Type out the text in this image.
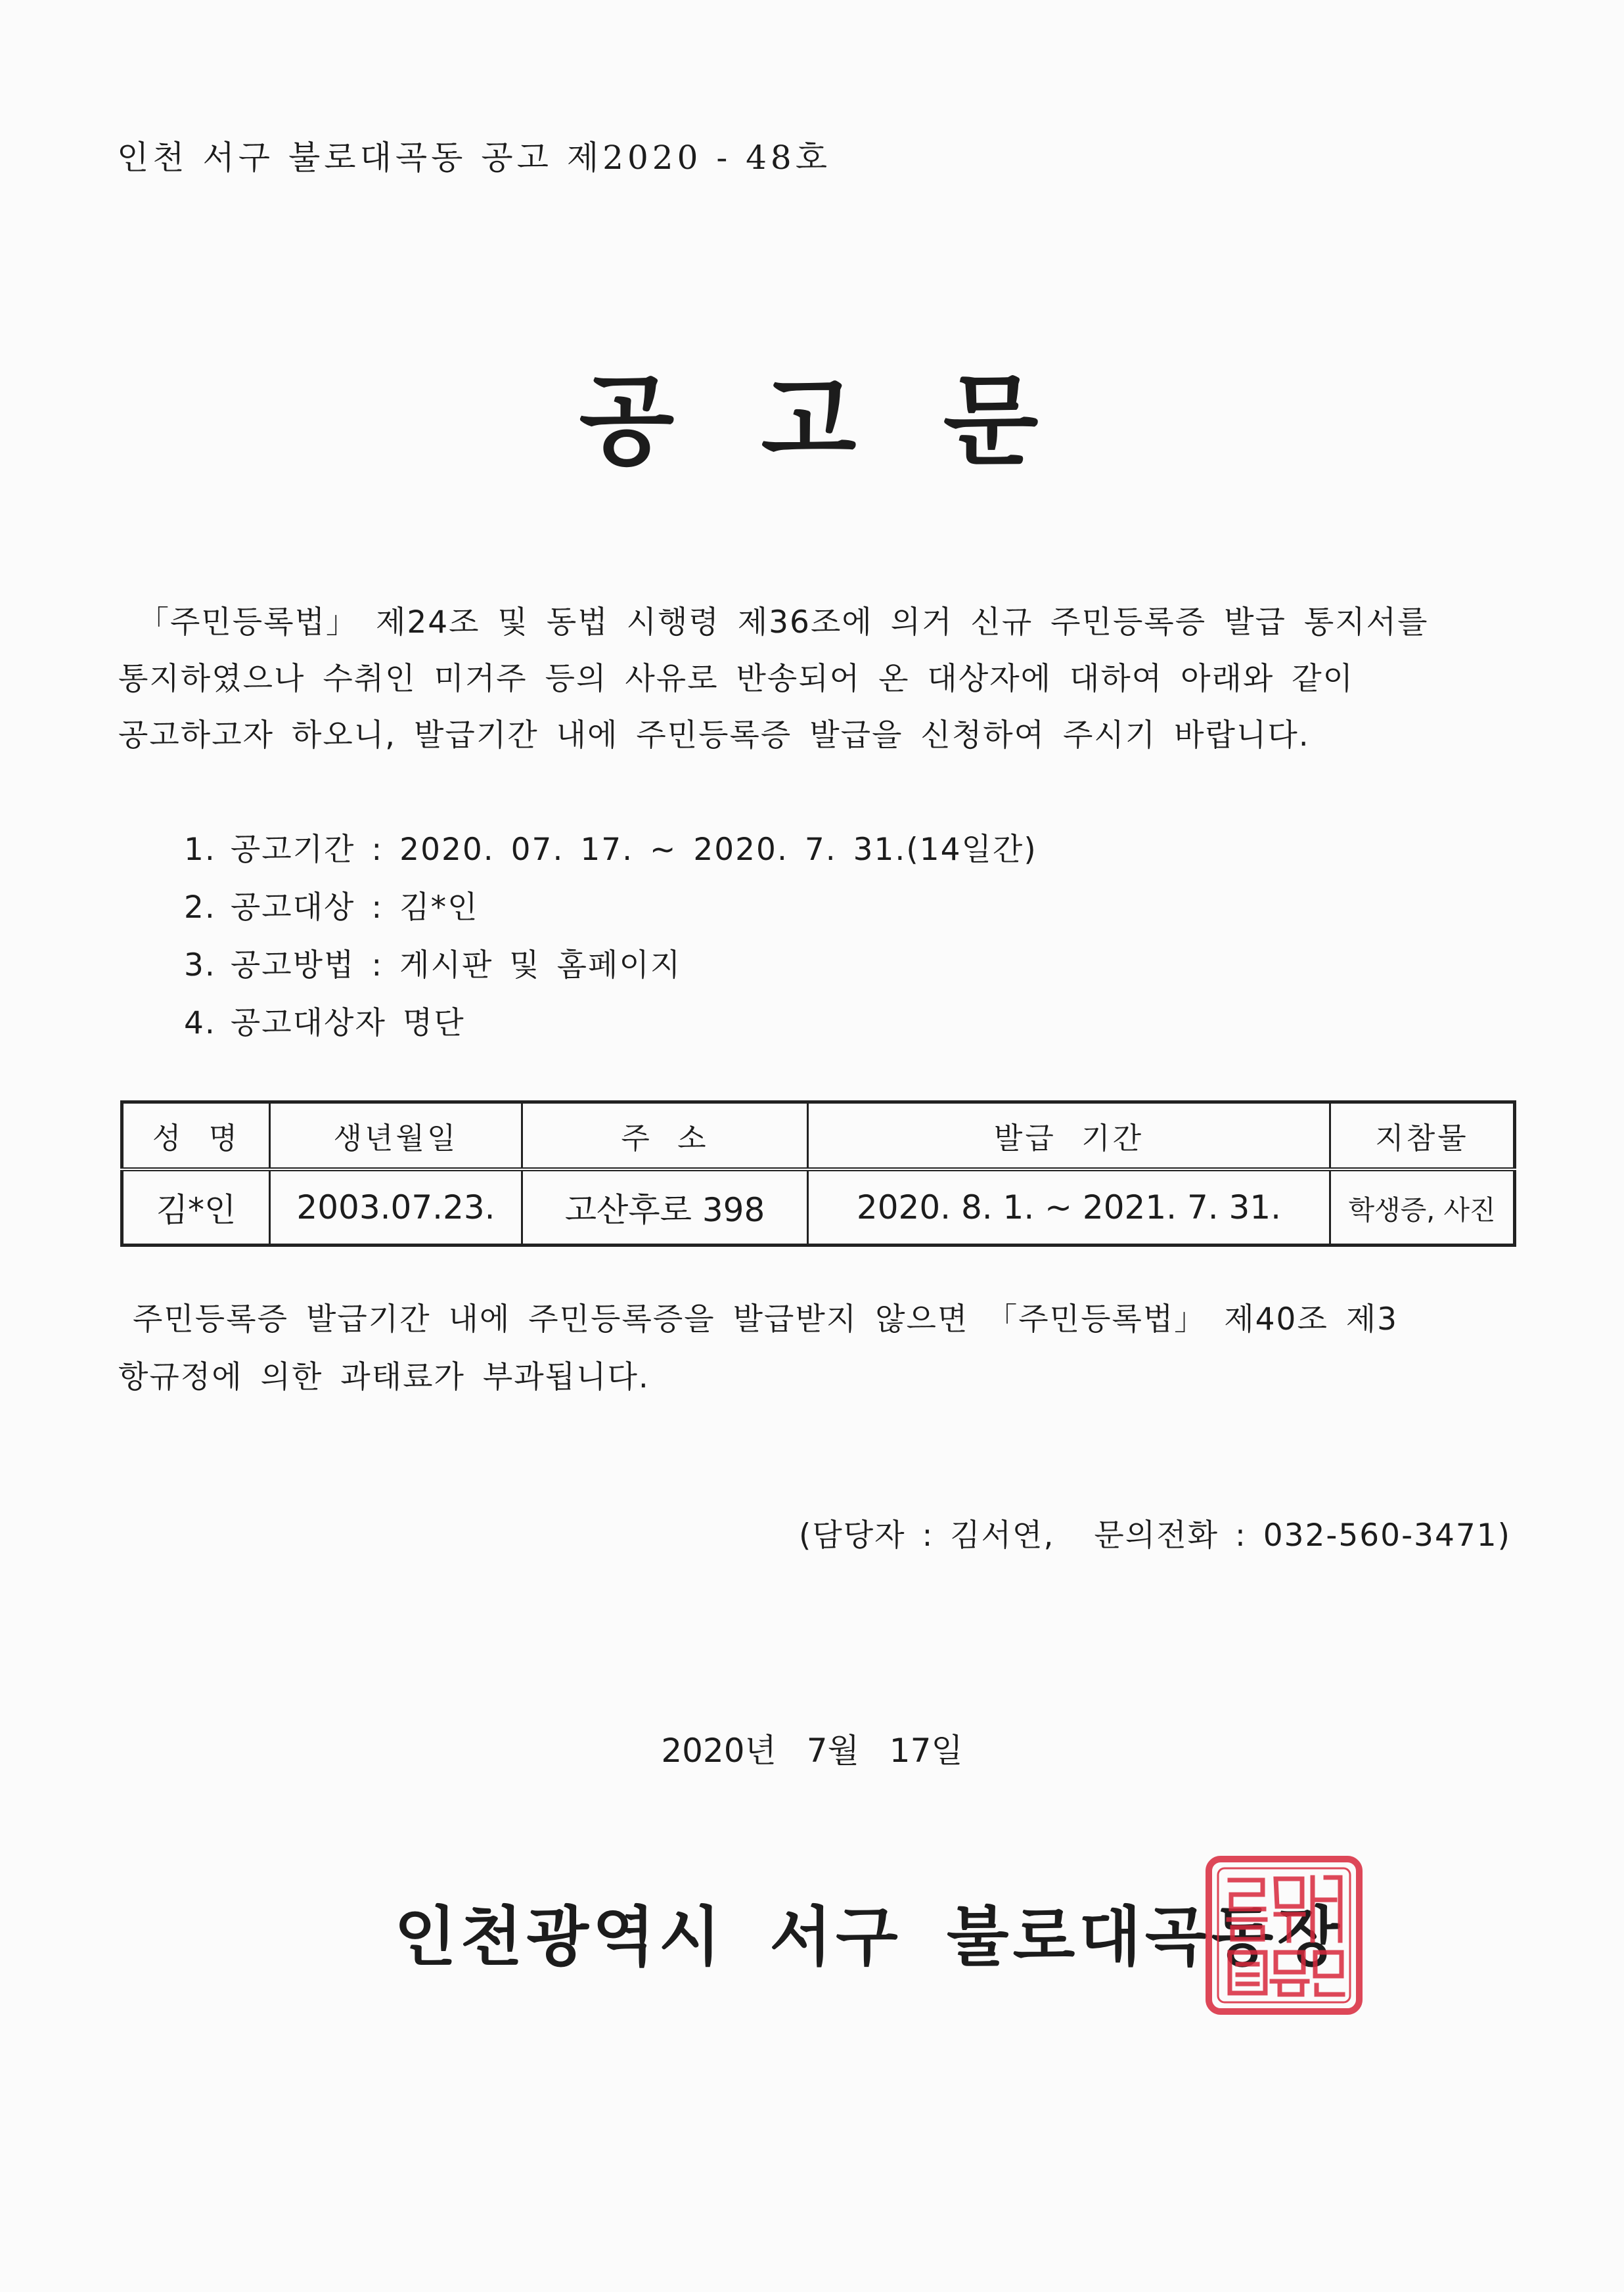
인천 서구 불로대곡동 공고 제2020 - 48호
공 고 문

「주민등록법」 제24조 및 동법 시행령 제36조에 의거 신규 주민등록증 발급 통지서를

통지하였으나 수취인 미거주 등의 사유로 반송되어 온 대상자에 대하여 아래와 같이

공고하고자 하오니, 발급기간 내에 주민등록증 발급을 신청하여 주시기 바랍니다.

1. 공고기간 : 2020. 07. 17. ~ 2020. 7. 31.(14일간)
2. 공고대상 : 김*인
3. 공고방법 : 게시판 및 홈페이지
4. 공고대상자 명단
성 명	생년월일	주 소	발급 기간	지참물
김*인	2003.07.23.	고산후로 398	2020. 8. 1. ~ 2021. 7. 31.	학생증, 사진

주민등록증 발급기간 내에 주민등록증을 발급받지 않으면 「주민등록법」 제40조 제3

항규정에 의한 과태료가 부과됩니다.

(담당자 : 김서연, 문의전화 : 032-560-3471)
2020년 7월 17일
인천광역시 서구 불로대곡동장
